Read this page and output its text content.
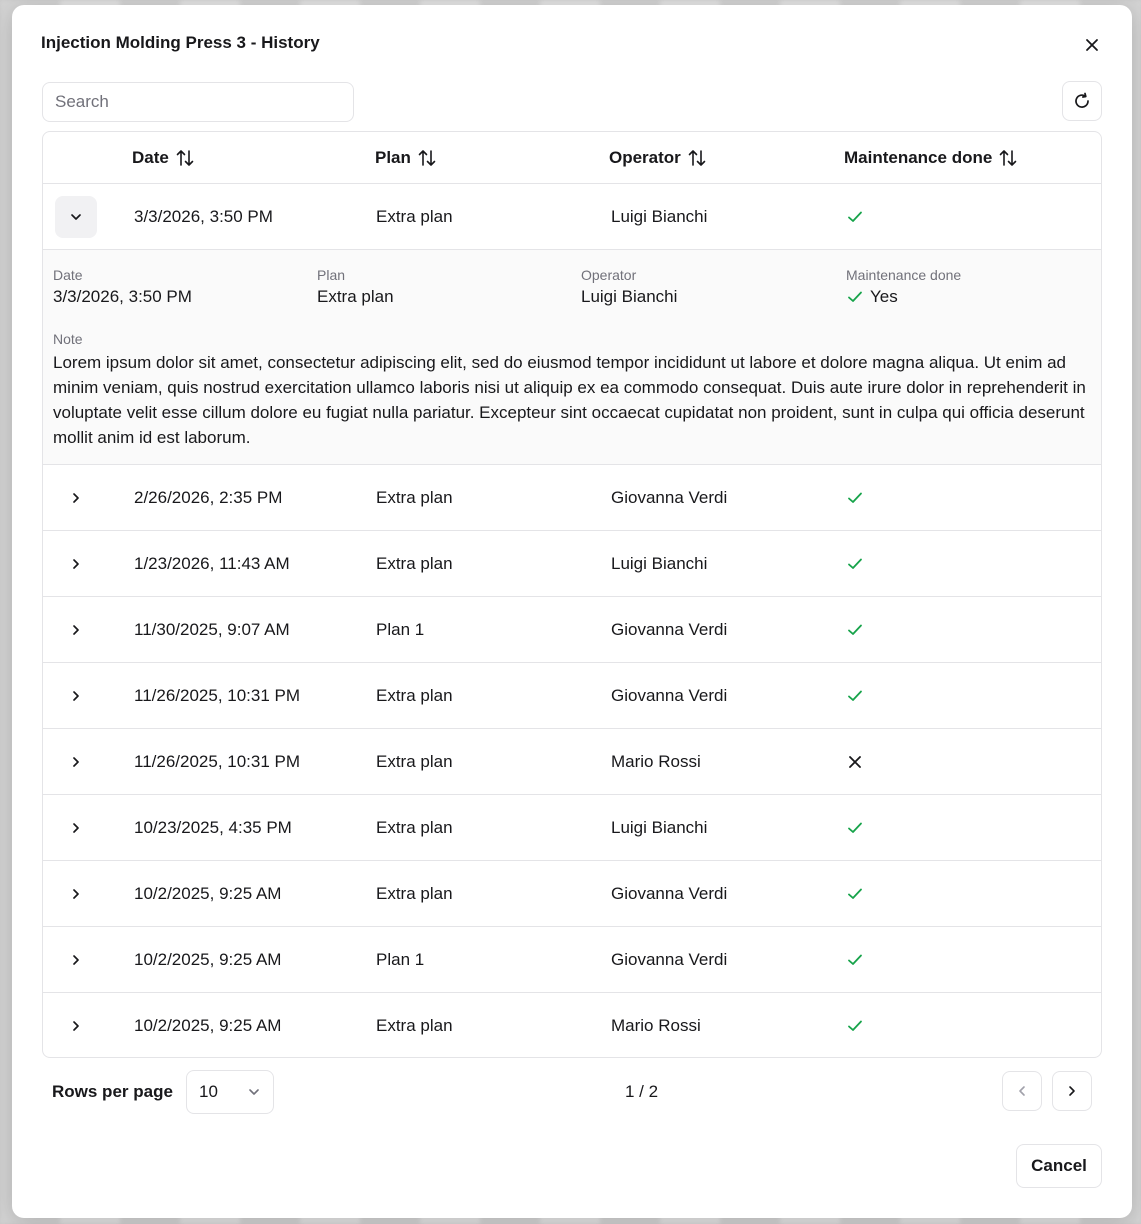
Injection Molding Press 3 - History
Search
Date	Plan	Operator	Maintenance done
3/3/2026, 3:50 PM	Extra plan	Luigi Bianchi
Date
3/3/2026, 3:50 PM
Plan
Extra plan
Operator
Luigi Bianchi
Maintenance done
Yes
Note
Lorem ipsum dolor sit amet, consectetur adipiscing elit, sed do eiusmod tempor incididunt ut labore et dolore magna aliqua. Ut enim ad minim veniam, quis nostrud exercitation ullamco laboris nisi ut aliquip ex ea commodo consequat. Duis aute irure dolor in reprehenderit in voluptate velit esse cillum dolore eu fugiat nulla pariatur. Excepteur sint occaecat cupidatat non proident, sunt in culpa qui officia deserunt mollit anim id est laborum.
2/26/2026, 2:35 PM	Extra plan	Giovanna Verdi
1/23/2026, 11:43 AM	Extra plan	Luigi Bianchi
11/30/2025, 9:07 AM	Plan 1	Giovanna Verdi
11/26/2025, 10:31 PM	Extra plan	Giovanna Verdi
11/26/2025, 10:31 PM	Extra plan	Mario Rossi
10/23/2025, 4:35 PM	Extra plan	Luigi Bianchi
10/2/2025, 9:25 AM	Extra plan	Giovanna Verdi
10/2/2025, 9:25 AM	Plan 1	Giovanna Verdi
10/2/2025, 9:25 AM	Extra plan	Mario Rossi
Rows per page 10	1 / 2
Cancel
